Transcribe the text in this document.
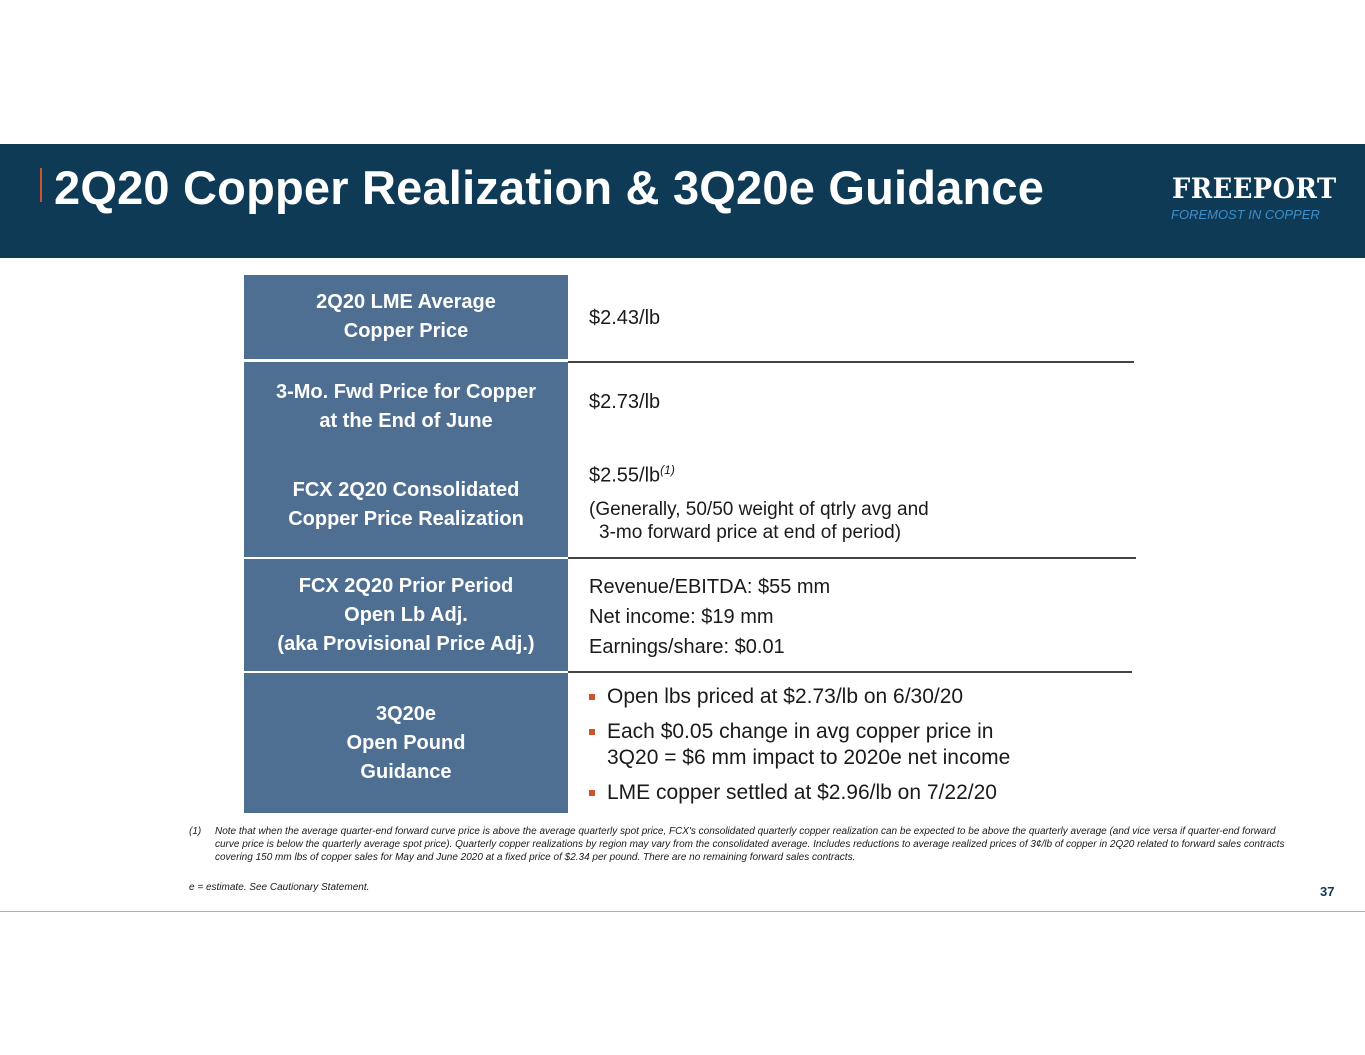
2Q20 Copper Realization & 3Q20e Guidance	FREEPORT
FOREMOST IN COPPER
2Q20 LME Average
Copper Price
$2.43/lb
3-Mo. Fwd Price for Copper
at the End of June
FCX 2Q20 Consolidated
Copper Price Realization
$2.73/lb
$\$2.55/lb^{(1)}$
(Generally, 50/50 weight of qtrly avg and
3-mo forward price at end of period)
FCX 2Q20 Prior Period
Open Lb Adj.
(aka Provisional Price Adj.)
Revenue/EBITDA: $55 mm
Net income: $19 mm
Earnings/share: $0.01
3Q20e
Open Pound
Guidance
Open lbs priced at $2.73/lb on 6/30/20
Each $0.05 change in avg copper price in
3Q20 = $6 mm impact to 2020e net income
LME copper settled at $2.96/lb on 7/22/20
(1) Note that when the average quarter-end forward curve price is above the average quarterly spot price, FCX's consolidated quarterly copper realization can be expected to be above the quarterly average (and vice versa if quarter-end forward curve price is below the quarterly average spot price). Quarterly copper realizations by region may vary from the consolidated average. Includes reductions to average realized prices of 3¢/lb of copper in 2Q20 related to forward sales contracts covering 150 mm lbs of copper sales for May and June 2020 at a fixed price of $2.34 per pound. There are no remaining forward sales contracts.
e = estimate. See Cautionary Statement.	37
